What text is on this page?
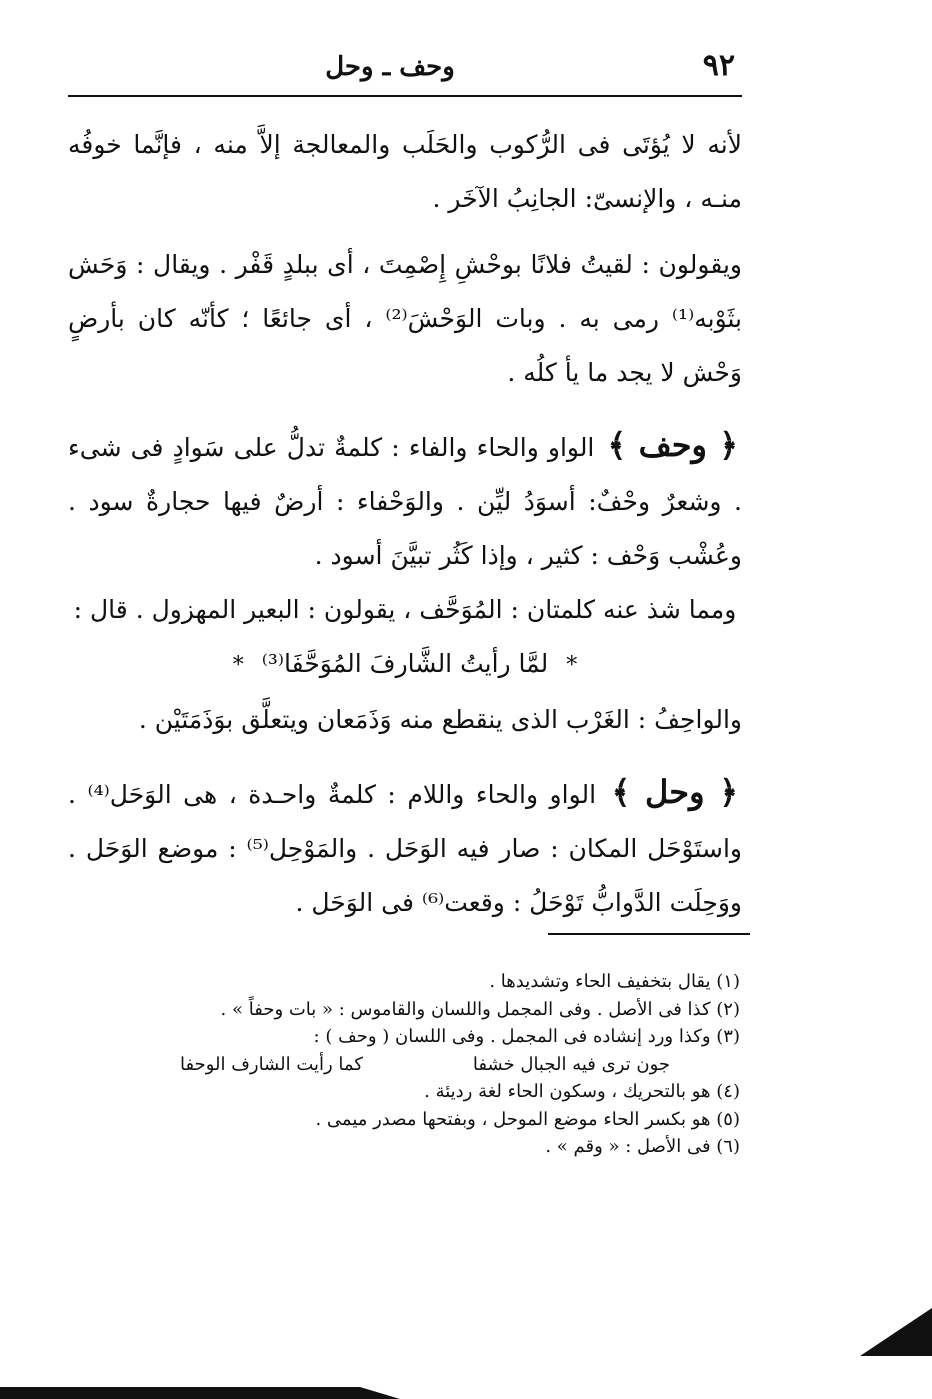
٩٢
وحف ـ وحل

لأنه لا يُؤتَى فى الرُّكوب والحَلَب والمعالجة إلاَّ منه ، فإنَّما خوفُه منـه ، والإنسىّ: الجانِبُ الآخَر .

ويقولون : لقيتُ فلانًا بوحْشِ إِصْمِتَ ، أى ببلدٍ قَفْر . ويقال : وَحَش بثَوْبه⁽¹⁾ رمى به . وبات الوَحْشَ⁽²⁾ ، أى جائعًا ؛ كأنّه كان بأرضٍ وَحْش لا يجد ما يأ كلُه .

﴿ وحف ﴾ الواو والحاء والفاء : كلمةٌ تدلُّ على سَوادٍ فى شىء . وشعرٌ وحْفٌ: أسوَدُ ليِّن . والوَحْفاء : أرضٌ فيها حجارةٌ سود . وعُشْب وَحْف : كثير ، وإذا كَثُر تبيَّنَ أسود .

ومما شذ عنه كلمتان : المُوَحَّف ، يقولون : البعير المهزول . قال :

* لمَّا رأيتُ الشَّارفَ المُوَحَّفَا⁽³⁾ *

والواحِفُ : الغَرْب الذى ينقطع منه وَذَمَعان ويتعلَّق بوَذَمَتَيْن .

﴿ وحل ﴾ الواو والحاء واللام : كلمةٌ واحـدة ، هى الوَحَل⁽⁴⁾ . واستَوْحَل المكان : صار فيه الوَحَل . والمَوْحِل⁽⁵⁾ : موضع الوَحَل . ووَحِلَت الدَّوابُّ تَوْحَلُ : وقعت⁽⁶⁾ فى الوَحَل .

(١) يقال بتخفيف الحاء وتشديدها .

(٢) كذا فى الأصل . وفى المجمل واللسان والقاموس : « بات وحفاً » .

(٣) وكذا ورد إنشاده فى المجمل . وفى اللسان ( وحف ) :

جون ترى فيه الجبال خشفا
كما رأيت الشارف الوحفا

(٤) هو بالتحريك ، وسكون الحاء لغة رديئة .

(٥) هو بكسر الحاء موضع الموحل ، وبفتحها مصدر ميمى .

(٦) فى الأصل : « وقم » .
